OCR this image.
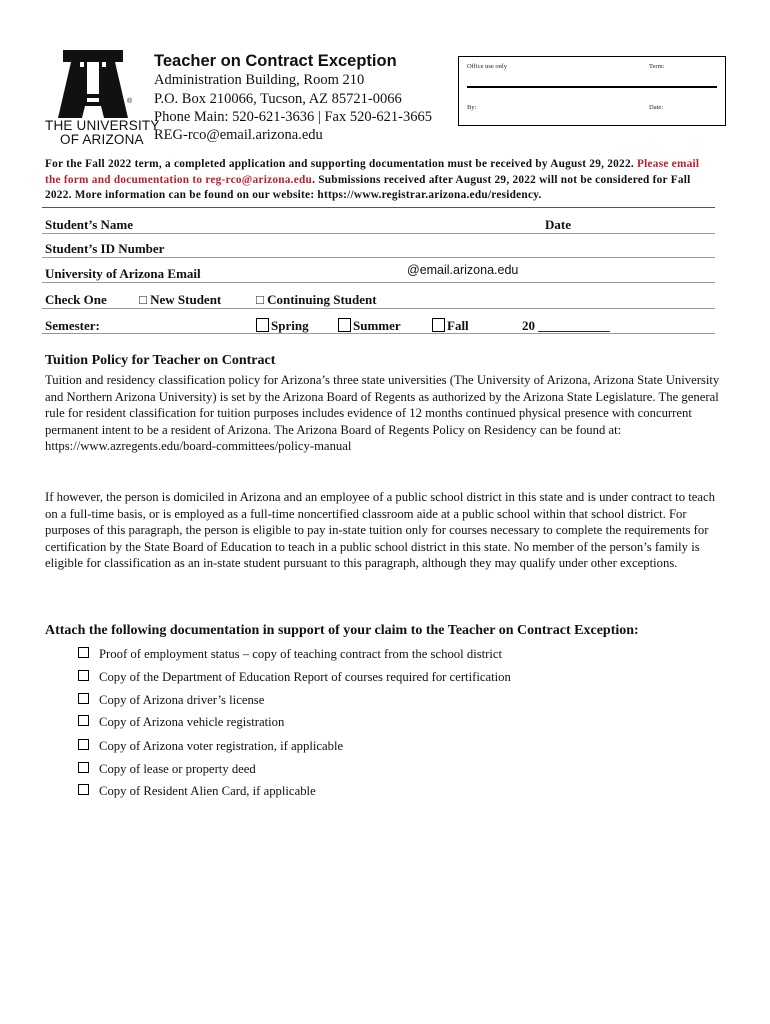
®
THE UNIVERSITY
OF ARIZONA
Teacher on Contract Exception
Administration Building, Room 210
P.O. Box 210066, Tucson, AZ 85721-0066
Phone Main: 520-621-3636 | Fax 520-621-3665
REG-rco@email.arizona.edu
Office use only	Term:
By:	Date:
For the Fall 2022 term, a completed application and supporting documentation must be received by August 29, 2022. Please email the form and documentation to reg-rco@arizona.edu. Submissions received after August 29, 2022 will not be considered for Fall 2022. More information can be found on our website: https://www.registrar.arizona.edu/residency.
Student’s Name	Date
Student’s ID Number
University of Arizona Email	@email.arizona.edu
Check One □ New Student	□ Continuing Student
Semester:	Spring	Summer	Fall	20 ___________
Tuition Policy for Teacher on Contract
Tuition and residency classification policy for Arizona’s three state universities (The University of Arizona, Arizona State University and Northern Arizona University) is set by the Arizona Board of Regents as authorized by the Arizona State Legislature. The general rule for resident classification for tuition purposes includes evidence of 12 months continued physical presence with concurrent permanent intent to be a resident of Arizona. The Arizona Board of Regents Policy on Residency can be found at: https://www.azregents.edu/board-committees/policy-manual
If however, the person is domiciled in Arizona and an employee of a public school district in this state and is under contract to teach on a full-time basis, or is employed as a full-time noncertified classroom aide at a public school within that school district. For purposes of this paragraph, the person is eligible to pay in-state tuition only for courses necessary to complete the requirements for certification by the State Board of Education to teach in a public school district in this state. No member of the person’s family is eligible for classification as an in-state student pursuant to this paragraph, although they may qualify under other exceptions.
Attach the following documentation in support of your claim to the Teacher on Contract Exception:
Proof of employment status – copy of teaching contract from the school district
Copy of the Department of Education Report of courses required for certification
Copy of Arizona driver’s license
Copy of Arizona vehicle registration
Copy of Arizona voter registration, if applicable
Copy of lease or property deed
Copy of Resident Alien Card, if applicable
